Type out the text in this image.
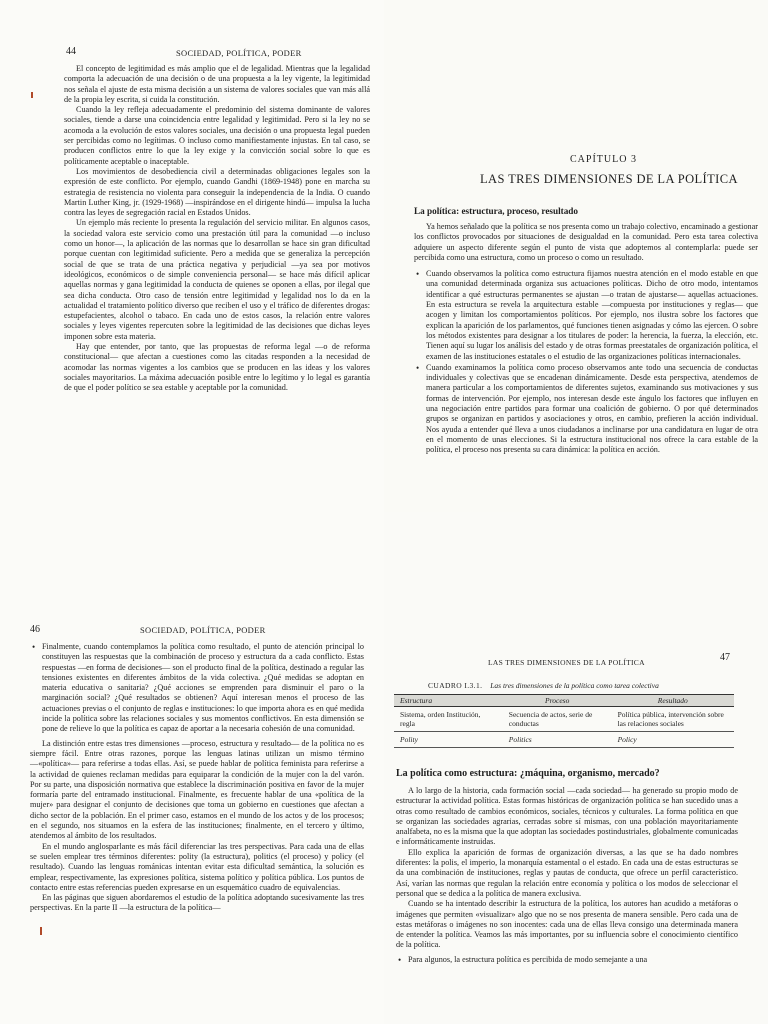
44	SOCIEDAD, POLÍTICA, PODER

El concepto de legitimidad es más amplio que el de legalidad. Mientras que la legalidad comporta la adecuación de una decisión o de una propuesta a la ley vigente, la legitimidad nos señala el ajuste de esta misma decisión a un sistema de valores sociales que van más allá de la propia ley escrita, si cuida la constitución.

Cuando la ley refleja adecuadamente el predominio del sistema dominante de valores sociales, tiende a darse una coincidencia entre legalidad y legitimidad. Pero si la ley no se acomoda a la evolución de estos valores sociales, una decisión o una propuesta legal pueden ser percibidas como no legítimas. O incluso como manifiestamente injustas. En tal caso, se producen conflictos entre lo que la ley exige y la convicción social sobre lo que es políticamente aceptable o inaceptable.

Los movimientos de desobediencia civil a determinadas obligaciones legales son la expresión de este conflicto. Por ejemplo, cuando Gandhi (1869-1948) pone en marcha su estrategia de resistencia no violenta para conseguir la independencia de la India. O cuando Martin Luther King, jr. (1929-1968) —inspirándose en el dirigente hindú— impulsa la lucha contra las leyes de segregación racial en Estados Unidos.

Un ejemplo más reciente lo presenta la regulación del servicio militar. En algunos casos, la sociedad valora este servicio como una prestación útil para la comunidad —o incluso como un honor—, la aplicación de las normas que lo desarrollan se hace sin gran dificultad porque cuentan con legitimidad suficiente. Pero a medida que se generaliza la percepción social de que se trata de una práctica negativa y perjudicial —ya sea por motivos ideológicos, económicos o de simple conveniencia personal— se hace más difícil aplicar aquellas normas y gana legitimidad la conducta de quienes se oponen a ellas, por ilegal que sea dicha conducta. Otro caso de tensión entre legitimidad y legalidad nos lo da en la actualidad el tratamiento político diverso que reciben el uso y el tráfico de diferentes drogas: estupefacientes, alcohol o tabaco. En cada uno de estos casos, la relación entre valores sociales y leyes vigentes repercuten sobre la legitimidad de las decisiones que dichas leyes imponen sobre esta materia.

Hay que entender, por tanto, que las propuestas de reforma legal —o de reforma constitucional— que afectan a cuestiones como las citadas responden a la necesidad de acomodar las normas vigentes a los cambios que se producen en las ideas y los valores sociales mayoritarios. La máxima adecuación posible entre lo legítimo y lo legal es garantía de que el poder político se sea estable y aceptable por la comunidad.

CAPÍTULO 3
LAS TRES DIMENSIONES DE LA POLÍTICA
La política: estructura, proceso, resultado

Ya hemos señalado que la política se nos presenta como un trabajo colectivo, encaminado a gestionar los conflictos provocados por situaciones de desigualdad en la comunidad. Pero esta tarea colectiva adquiere un aspecto diferente según el punto de vista que adoptemos al contemplarla: puede ser percibida como una estructura, como un proceso o como un resultado.

• Cuando observamos la política como estructura fijamos nuestra atención en el modo estable en que una comunidad determinada organiza sus actuaciones políticas. Dicho de otro modo, intentamos identificar a qué estructuras permanentes se ajustan —o tratan de ajustarse— aquellas actuaciones. En esta estructura se revela la arquitectura estable —compuesta por instituciones y reglas— que acogen y limitan los comportamientos políticos. Por ejemplo, nos ilustra sobre los factores que explican la aparición de los parlamentos, qué funciones tienen asignadas y cómo las ejercen. O sobre los métodos existentes para designar a los titulares de poder: la herencia, la fuerza, la elección, etc. Tienen aquí su lugar los análisis del estado y de otras formas preestatales de organización política, el examen de las instituciones estatales o el estudio de las organizaciones políticas internacionales.
• Cuando examinamos la política como proceso observamos ante todo una secuencia de conductas individuales y colectivas que se encadenan dinámicamente. Desde esta perspectiva, atendemos de manera particular a los comportamientos de diferentes sujetos, examinando sus motivaciones y sus formas de intervención. Por ejemplo, nos interesan desde este ángulo los factores que influyen en una negociación entre partidos para formar una coalición de gobierno. O por qué determinados grupos se organizan en partidos y asociaciones y otros, en cambio, prefieren la acción individual. Nos ayuda a entender qué lleva a unos ciudadanos a inclinarse por una candidatura en lugar de otra en el momento de unas elecciones. Si la estructura institucional nos ofrece la cara estable de la política, el proceso nos presenta su cara dinámica: la política en acción.
46	SOCIEDAD, POLÍTICA, PODER
• Finalmente, cuando contemplamos la política como resultado, el punto de atención principal lo constituyen las respuestas que la combinación de proceso y estructura da a cada conflicto. Estas respuestas —en forma de decisiones— son el producto final de la política, destinado a regular las tensiones existentes en diferentes ámbitos de la vida colectiva. ¿Qué medidas se adoptan en materia educativa o sanitaria? ¿Qué acciones se emprenden para disminuir el paro o la marginación social? ¿Qué resultados se obtienen? Aquí interesan menos el proceso de las actuaciones previas o el conjunto de reglas e instituciones: lo que importa ahora es en qué medida incide la política sobre las relaciones sociales y sus momentos conflictivos. En esta dimensión se pone de relieve lo que la política es capaz de aportar a la necesaria cohesión de una comunidad.

La distinción entre estas tres dimensiones —proceso, estructura y resultado— de la política no es siempre fácil. Entre otras razones, porque las lenguas latinas utilizan un mismo término —«política»— para referirse a todas ellas. Así, se puede hablar de política feminista para referirse a la actividad de quienes reclaman medidas para equiparar la condición de la mujer con la del varón. Por su parte, una disposición normativa que establece la discriminación positiva en favor de la mujer formaría parte del entramado institucional. Finalmente, es frecuente hablar de una «política de la mujer» para designar el conjunto de decisiones que toma un gobierno en cuestiones que afectan a dicho sector de la población. En el primer caso, estamos en el mundo de los actos y de los procesos; en el segundo, nos situamos en la esfera de las instituciones; finalmente, en el tercero y último, atendemos al ámbito de los resultados.

En el mundo anglosparlante es más fácil diferenciar las tres perspectivas. Para cada una de ellas se suelen emplear tres términos diferentes: polity (la estructura), politics (el proceso) y policy (el resultado). Cuando las lenguas románicas intentan evitar esta dificultad semántica, la solución es emplear, respectivamente, las expresiones política, sistema político y política pública. Los puntos de contacto entre estas referencias pueden expresarse en un esquemático cuadro de equivalencias.

En las páginas que siguen abordaremos el estudio de la política adoptando sucesivamente las tres perspectivas. En la parte II —la estructura de la política—

LAS TRES DIMENSIONES DE LA POLÍTICA	47
CUADRO I.3.1. Las tres dimensiones de la política como tarea colectiva
Estructura	Proceso	Resultado
Sistema, orden Institución, regla	Secuencia de actos, serie de conductas	Política pública, intervención sobre las relaciones sociales
Polity	Politics	Policy
La política como estructura: ¿máquina, organismo, mercado?

A lo largo de la historia, cada formación social —cada sociedad— ha generado su propio modo de estructurar la actividad política. Estas formas históricas de organización política se han sucedido unas a otras como resultado de cambios económicos, sociales, técnicos y culturales. La forma política en que se organizan las sociedades agrarias, cerradas sobre sí mismas, con una población mayoritariamente analfabeta, no es la misma que la que adoptan las sociedades postindustriales, globalmente comunicadas e informáticamente instruidas.

Ello explica la aparición de formas de organización diversas, a las que se ha dado nombres diferentes: la polis, el imperio, la monarquía estamental o el estado. En cada una de estas estructuras se da una combinación de instituciones, reglas y pautas de conducta, que ofrece un perfil característico. Así, varían las normas que regulan la relación entre economía y política o los modos de seleccionar el personal que se dedica a la política de manera exclusiva.

Cuando se ha intentado describir la estructura de la política, los autores han acudido a metáforas o imágenes que permiten «visualizar» algo que no se nos presenta de manera sensible. Pero cada una de estas metáforas o imágenes no son inocentes: cada una de ellas lleva consigo una determinada manera de entender la política. Veamos las más importantes, por su influencia sobre el conocimiento científico de la política.

• Para algunos, la estructura política es percibida de modo semejante a una
